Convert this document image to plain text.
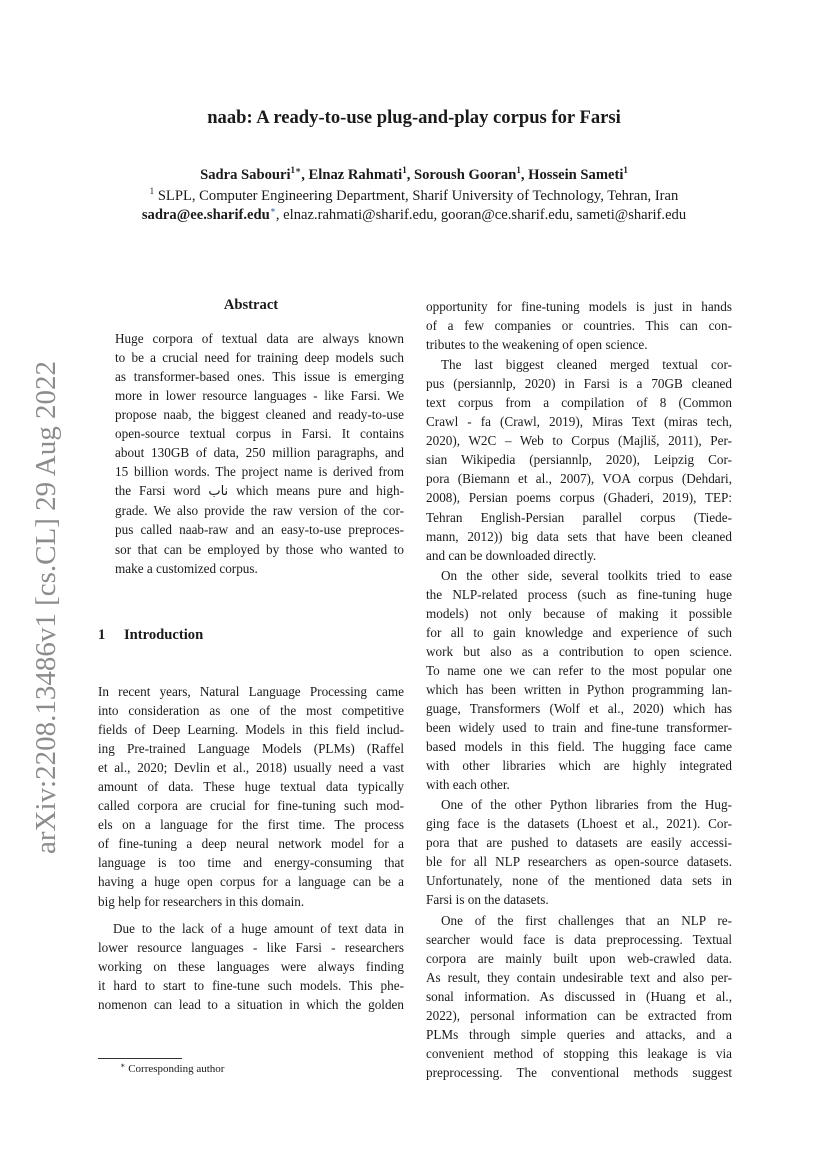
arXiv:2208.13486v1 [cs.CL] 29 Aug 2022
naab: A ready-to-use plug-and-play corpus for Farsi
Sadra Sabouri$^{1∗}$, Elnaz Rahmati$^1$, Soroush Gooran$^1$, Hossein Sameti$^1$
$^1$ SLPL, Computer Engineering Department, Sharif University of Technology, Tehran, Iran
sadra@ee.sharif.edu∗, elnaz.rahmati@sharif.edu, gooran@ce.sharif.edu, sameti@sharif.edu
Abstract
Huge corpora of textual data are always known
to be a crucial need for training deep models such
as transformer-based ones. This issue is emerging
more in lower resource languages - like Farsi. We
propose naab, the biggest cleaned and ready-to-use
open-source textual corpus in Farsi. It contains
about 130GB of data, 250 million paragraphs, and
15 billion words. The project name is derived from
the Farsi word ناب which means pure and high-
grade. We also provide the raw version of the cor-
pus called naab-raw and an easy-to-use preproces-
sor that can be employed by those who wanted to
make a customized corpus.
1 Introduction
In recent years, Natural Language Processing came
into consideration as one of the most competitive
fields of Deep Learning. Models in this field includ-
ing Pre-trained Language Models (PLMs) (Raffel
et al., 2020; Devlin et al., 2018) usually need a vast
amount of data. These huge textual data typically
called corpora are crucial for fine-tuning such mod-
els on a language for the first time. The process
of fine-tuning a deep neural network model for a
language is too time and energy-consuming that
having a huge open corpus for a language can be a
big help for researchers in this domain.
Due to the lack of a huge amount of text data in
lower resource languages - like Farsi - researchers
working on these languages were always finding
it hard to start to fine-tune such models. This phe-
nomenon can lead to a situation in which the golden
opportunity for fine-tuning models is just in hands
of a few companies or countries. This can con-
tributes to the weakening of open science.
The last biggest cleaned merged textual cor-
pus (persiannlp, 2020) in Farsi is a 70GB cleaned
text corpus from a compilation of 8 (Common
Crawl - fa (Crawl, 2019), Miras Text (miras tech,
2020), W2C – Web to Corpus (Majliš, 2011), Per-
sian Wikipedia (persiannlp, 2020), Leipzig Cor-
pora (Biemann et al., 2007), VOA corpus (Dehdari,
2008), Persian poems corpus (Ghaderi, 2019), TEP:
Tehran English-Persian parallel corpus (Tiede-
mann, 2012)) big data sets that have been cleaned
and can be downloaded directly.
On the other side, several toolkits tried to ease
the NLP-related process (such as fine-tuning huge
models) not only because of making it possible
for all to gain knowledge and experience of such
work but also as a contribution to open science.
To name one we can refer to the most popular one
which has been written in Python programming lan-
guage, Transformers (Wolf et al., 2020) which has
been widely used to train and fine-tune transformer-
based models in this field. The hugging face came
with other libraries which are highly integrated
with each other.
One of the other Python libraries from the Hug-
ging face is the datasets (Lhoest et al., 2021). Cor-
pora that are pushed to datasets are easily accessi-
ble for all NLP researchers as open-source datasets.
Unfortunately, none of the mentioned data sets in
Farsi is on the datasets.
One of the first challenges that an NLP re-
searcher would face is data preprocessing. Textual
corpora are mainly built upon web-crawled data.
As result, they contain undesirable text and also per-
sonal information. As discussed in (Huang et al.,
2022), personal information can be extracted from
PLMs through simple queries and attacks, and a
convenient method of stopping this leakage is via
preprocessing. The conventional methods suggest
∗ Corresponding author
